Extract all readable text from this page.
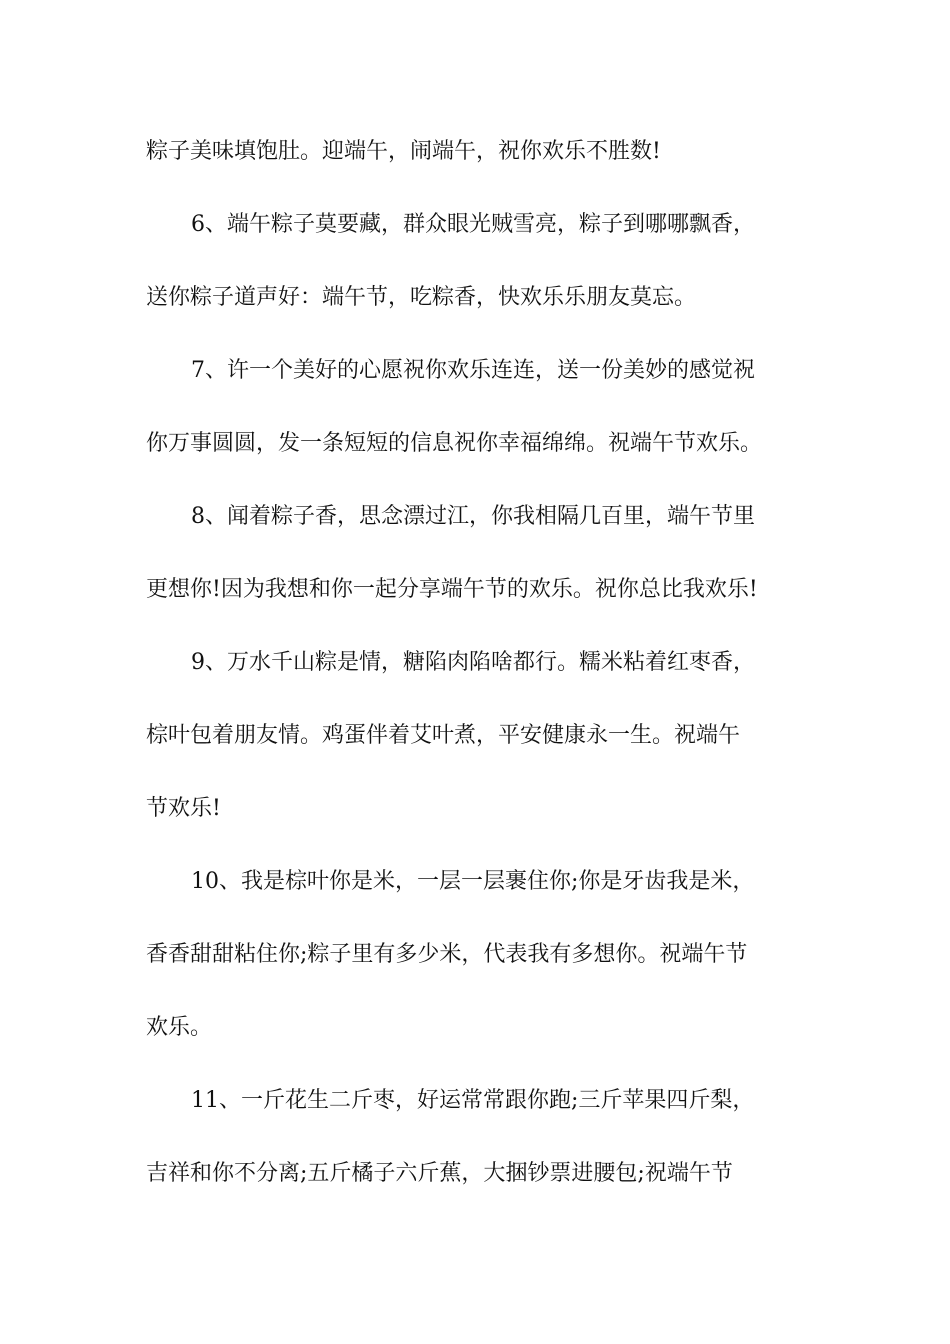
粽子美味填饱肚。迎端午，闹端午，祝你欢乐不胜数!

6、端午粽子莫要藏，群众眼光贼雪亮，粽子到哪哪飘香，

送你粽子道声好：端午节，吃粽香，快欢乐乐朋友莫忘。

7、许一个美好的心愿祝你欢乐连连，送一份美妙的感觉祝

你万事圆圆，发一条短短的信息祝你幸福绵绵。祝端午节欢乐。

8、闻着粽子香，思念漂过江，你我相隔几百里，端午节里

更想你!因为我想和你一起分享端午节的欢乐。祝你总比我欢乐!

9、万水千山粽是情，糖陷肉陷啥都行。糯米粘着红枣香，

棕叶包着朋友情。鸡蛋伴着艾叶煮，平安健康永一生。祝端午

节欢乐!

10、我是棕叶你是米，一层一层裹住你;你是牙齿我是米，

香香甜甜粘住你;粽子里有多少米，代表我有多想你。祝端午节

欢乐。

11、一斤花生二斤枣，好运常常跟你跑;三斤苹果四斤梨，

吉祥和你不分离;五斤橘子六斤蕉，大捆钞票进腰包;祝端午节
